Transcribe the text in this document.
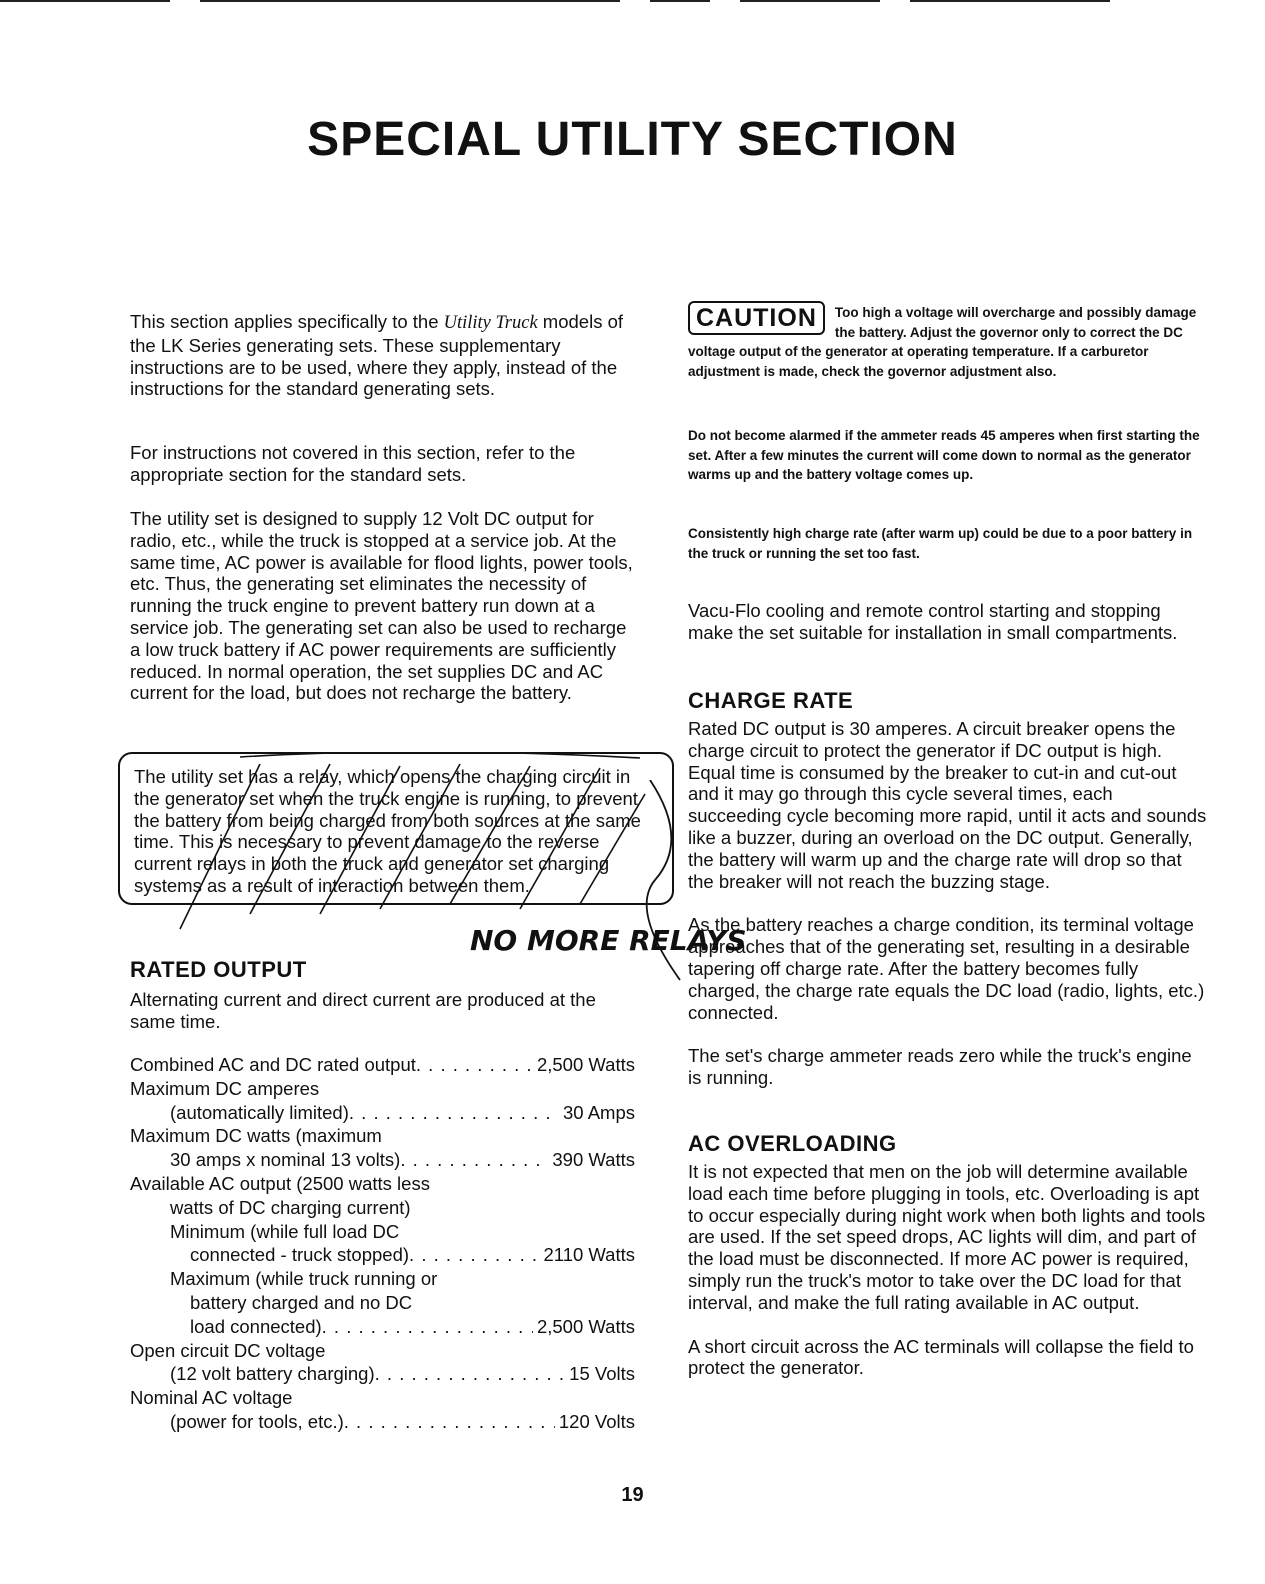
SPECIAL UTILITY SECTION

This section applies specifically to the Utility Truck models of the LK Series generating sets. These supplementary instructions are to be used, where they apply, instead of the instructions for the standard generating sets.

For instructions not covered in this section, refer to the appropriate section for the standard sets.

The utility set is designed to supply 12 Volt DC output for radio, etc., while the truck is stopped at a service job. At the same time, AC power is available for flood lights, power tools, etc. Thus, the generating set eliminates the necessity of running the truck engine to prevent battery run down at a service job. The generating set can also be used to recharge a low truck battery if AC power requirements are sufficiently reduced. In normal operation, the set supplies DC and AC current for the load, but does not recharge the battery.

The utility set has a relay, which opens the charging circuit in the generator set when the truck engine is running, to prevent the battery from being charged from both sources at the same time. This is necessary to prevent damage to the reverse current relays in both the truck and generator set charging systems as a result of interaction between them.

NO MORE RELAYS
RATED OUTPUT

Alternating current and direct current are produced at the same time.

Combined AC and DC rated output . . .	2,500 Watts
Maximum DC amperes
(automatically limited) . . .	30 Amps
Maximum DC watts (maximum
30 amps x nominal 13 volts) . . .	390 Watts
Available AC output (2500 watts less
watts of DC charging current)
Minimum (while full load DC
connected - truck stopped) . . .	2110 Watts
Maximum (while truck running or
battery charged and no DC
load connected) . . .	2,500 Watts
Open circuit DC voltage
(12 volt battery charging) . . .	15 Volts
Nominal AC voltage
(power for tools, etc.) . . .	120 Volts
CAUTION	Too high a voltage will overcharge and possibly damage the battery. Adjust the governor only to correct the DC voltage output of the generator at operating temperature. If a carburetor adjustment is made, check the governor adjustment also.

Do not become alarmed if the ammeter reads 45 amperes when first starting the set. After a few minutes the current will come down to normal as the generator warms up and the battery voltage comes up.

Consistently high charge rate (after warm up) could be due to a poor battery in the truck or running the set too fast.

Vacu-Flo cooling and remote control starting and stopping make the set suitable for installation in small compartments.

CHARGE RATE

Rated DC output is 30 amperes. A circuit breaker opens the charge circuit to protect the generator if DC output is high. Equal time is consumed by the breaker to cut-in and cut-out and it may go through this cycle several times, each succeeding cycle becoming more rapid, until it acts and sounds like a buzzer, during an overload on the DC output. Generally, the battery will warm up and the charge rate will drop so that the breaker will not reach the buzzing stage.

As the battery reaches a charge condition, its terminal voltage approaches that of the generating set, resulting in a desirable tapering off charge rate. After the battery becomes fully charged, the charge rate equals the DC load (radio, lights, etc.) connected.

The set's charge ammeter reads zero while the truck's engine is running.

AC OVERLOADING

It is not expected that men on the job will determine available load each time before plugging in tools, etc. Overloading is apt to occur especially during night work when both lights and tools are used. If the set speed drops, AC lights will dim, and part of the load must be disconnected. If more AC power is required, simply run the truck's motor to take over the DC load for that interval, and make the full rating available in AC output.

A short circuit across the AC terminals will collapse the field to protect the generator.

19
